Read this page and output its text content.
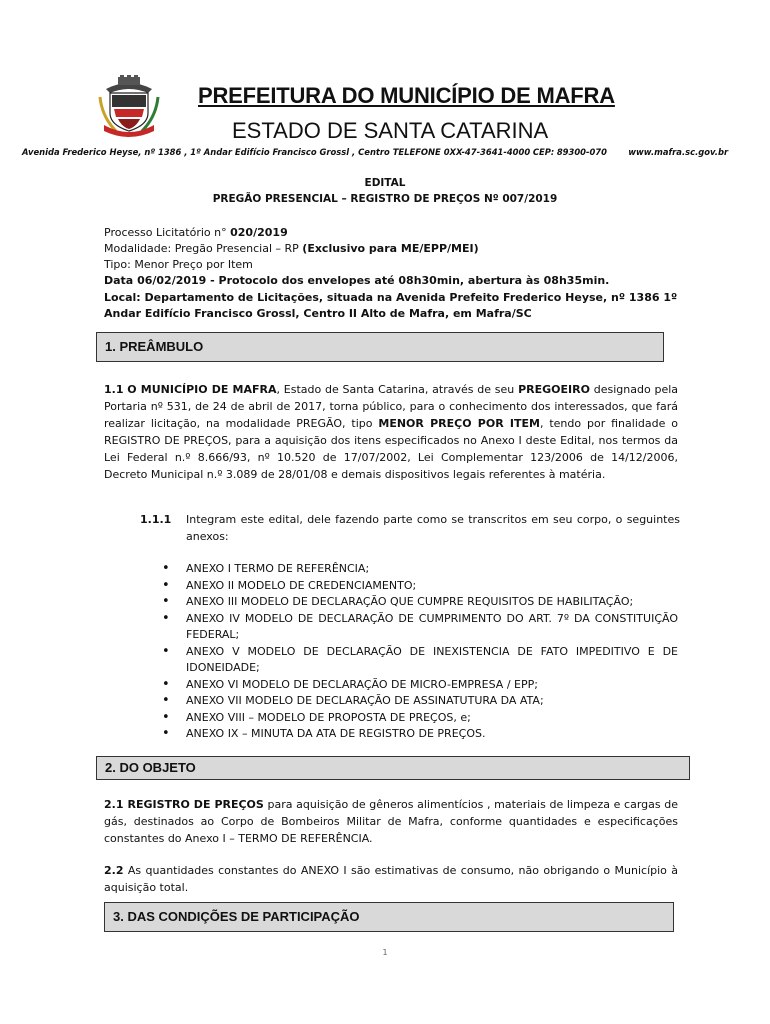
PREFEITURA DO MUNICÍPIO DE MAFRA
ESTADO DE SANTA CATARINA
Avenida Frederico Heyse, nº 1386 , 1º Andar Edifício Francisco Grossl , Centro TELEFONE 0XX-47-3641-4000 CEP: 89300-070	www.mafra.sc.gov.br
EDITAL
PREGÃO PRESENCIAL – REGISTRO DE PREÇOS Nº 007/2019
Processo Licitatório n° 020/2019
Modalidade: Pregão Presencial – RP (Exclusivo para ME/EPP/MEI)
Tipo: Menor Preço por Item
Data 06/02/2019 - Protocolo dos envelopes até 08h30min, abertura às 08h35min.
Local: Departamento de Licitações, situada na Avenida Prefeito Frederico Heyse, nº 1386 1º
Andar Edifício Francisco Grossl, Centro II Alto de Mafra, em Mafra/SC
1. PREÂMBULO
1.1 O MUNICÍPIO DE MAFRA, Estado de Santa Catarina, através de seu PREGOEIRO designado pela Portaria nº 531, de 24 de abril de 2017, torna público, para o conhecimento dos interessados, que fará realizar licitação, na modalidade PREGÃO, tipo MENOR PREÇO POR ITEM, tendo por finalidade o REGISTRO DE PREÇOS, para a aquisição dos itens especificados no Anexo I deste Edital, nos termos da Lei Federal n.º 8.666/93, nº 10.520 de 17/07/2002, Lei Complementar 123/2006 de 14/12/2006, Decreto Municipal n.º 3.089 de 28/01/08 e demais dispositivos legais referentes à matéria.
1.1.1 Integram este edital, dele fazendo parte como se transcritos em seu corpo, o seguintes anexos:
• ANEXO I TERMO DE REFERÊNCIA;
• ANEXO II MODELO DE CREDENCIAMENTO;
• ANEXO III MODELO DE DECLARAÇÃO QUE CUMPRE REQUISITOS DE HABILITAÇÃO;
• ANEXO IV MODELO DE DECLARAÇÃO DE CUMPRIMENTO DO ART. 7º DA CONSTITUIÇÃO FEDERAL;
• ANEXO V MODELO DE DECLARAÇÃO DE INEXISTENCIA DE FATO IMPEDITIVO E DE IDONEIDADE;
• ANEXO VI MODELO DE DECLARAÇÃO DE MICRO-EMPRESA / EPP;
• ANEXO VII MODELO DE DECLARAÇÃO DE ASSINATUTURA DA ATA;
• ANEXO VIII – MODELO DE PROPOSTA DE PREÇOS, e;
• ANEXO IX – MINUTA DA ATA DE REGISTRO DE PREÇOS.
2. DO OBJETO
2.1 REGISTRO DE PREÇOS para aquisição de gêneros alimentícios , materiais de limpeza e cargas de gás, destinados ao Corpo de Bombeiros Militar de Mafra, conforme quantidades e especificações constantes do Anexo I – TERMO DE REFERÊNCIA.
2.2 As quantidades constantes do ANEXO I são estimativas de consumo, não obrigando o Município à aquisição total.
3. DAS CONDIÇÕES DE PARTICIPAÇÃO
1
